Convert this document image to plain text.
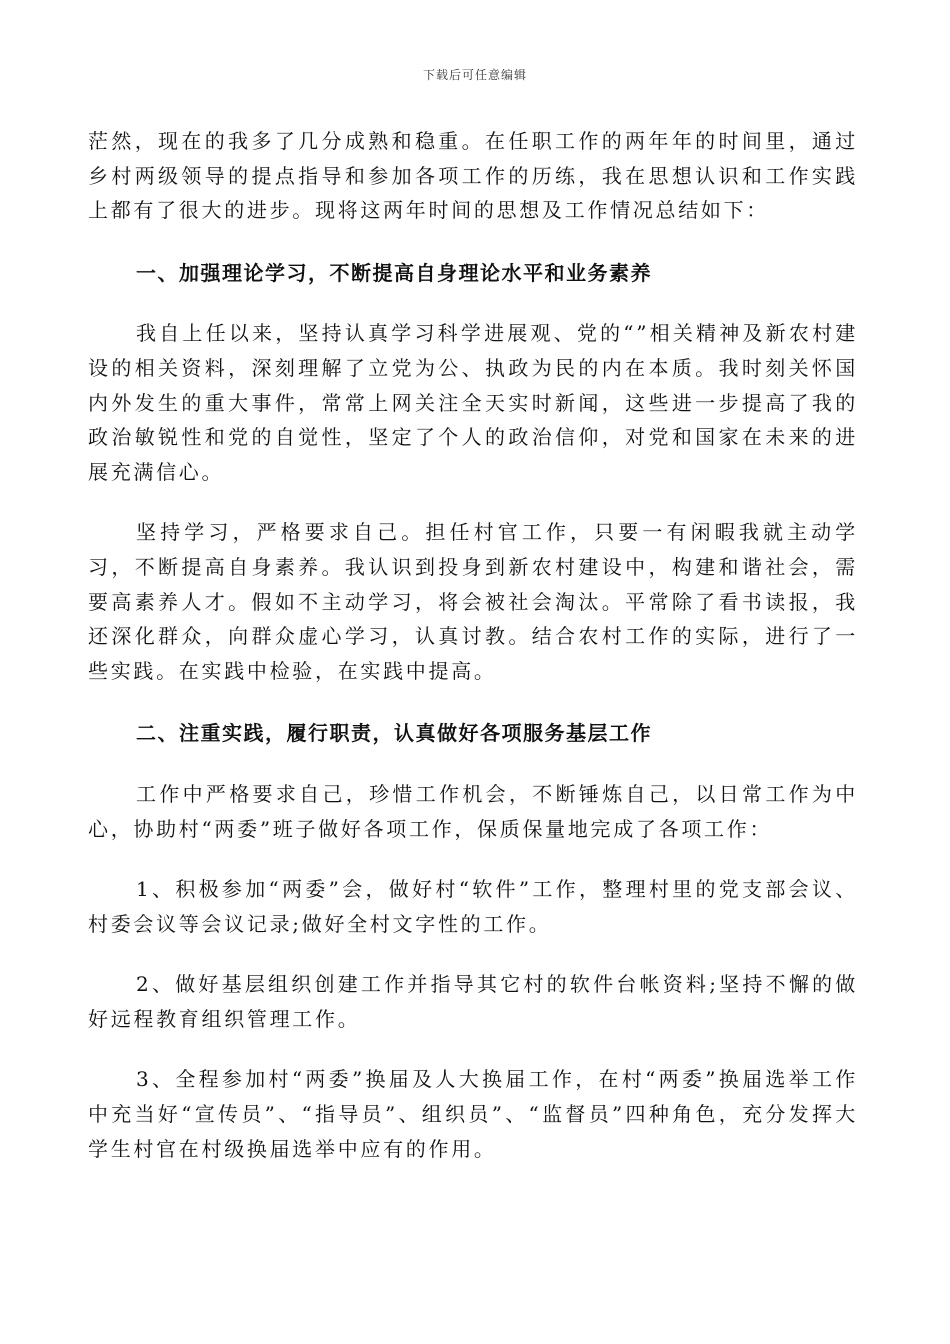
下载后可任意编辑

茫然，现在的我多了几分成熟和稳重。在任职工作的两年年的时间里，通过乡村两级领导的提点指导和参加各项工作的历练，我在思想认识和工作实践上都有了很大的进步。现将这两年时间的思想及工作情况总结如下：

一、加强理论学习，不断提高自身理论水平和业务素养

我自上任以来，坚持认真学习科学进展观、党的“”相关精神及新农村建设的相关资料，深刻理解了立党为公、执政为民的内在本质。我时刻关怀国内外发生的重大事件，常常上网关注全天实时新闻，这些进一步提高了我的政治敏锐性和党的自觉性，坚定了个人的政治信仰，对党和国家在未来的进展充满信心。

坚持学习，严格要求自己。担任村官工作，只要一有闲暇我就主动学习，不断提高自身素养。我认识到投身到新农村建设中，构建和谐社会，需要高素养人才。假如不主动学习，将会被社会淘汰。平常除了看书读报，我还深化群众，向群众虚心学习，认真讨教。结合农村工作的实际，进行了一些实践。在实践中检验，在实践中提高。

二、注重实践，履行职责，认真做好各项服务基层工作

工作中严格要求自己，珍惜工作机会，不断锤炼自己，以日常工作为中心，协助村“两委”班子做好各项工作，保质保量地完成了各项工作：

1、积极参加“两委”会，做好村“软件”工作，整理村里的党支部会议、村委会议等会议记录;做好全村文字性的工作。

2、做好基层组织创建工作并指导其它村的软件台帐资料;坚持不懈的做好远程教育组织管理工作。

3、全程参加村“两委”换届及人大换届工作，在村“两委”换届选举工作中充当好“宣传员”、“指导员”、组织员”、“监督员”四种角色，充分发挥大学生村官在村级换届选举中应有的作用。
